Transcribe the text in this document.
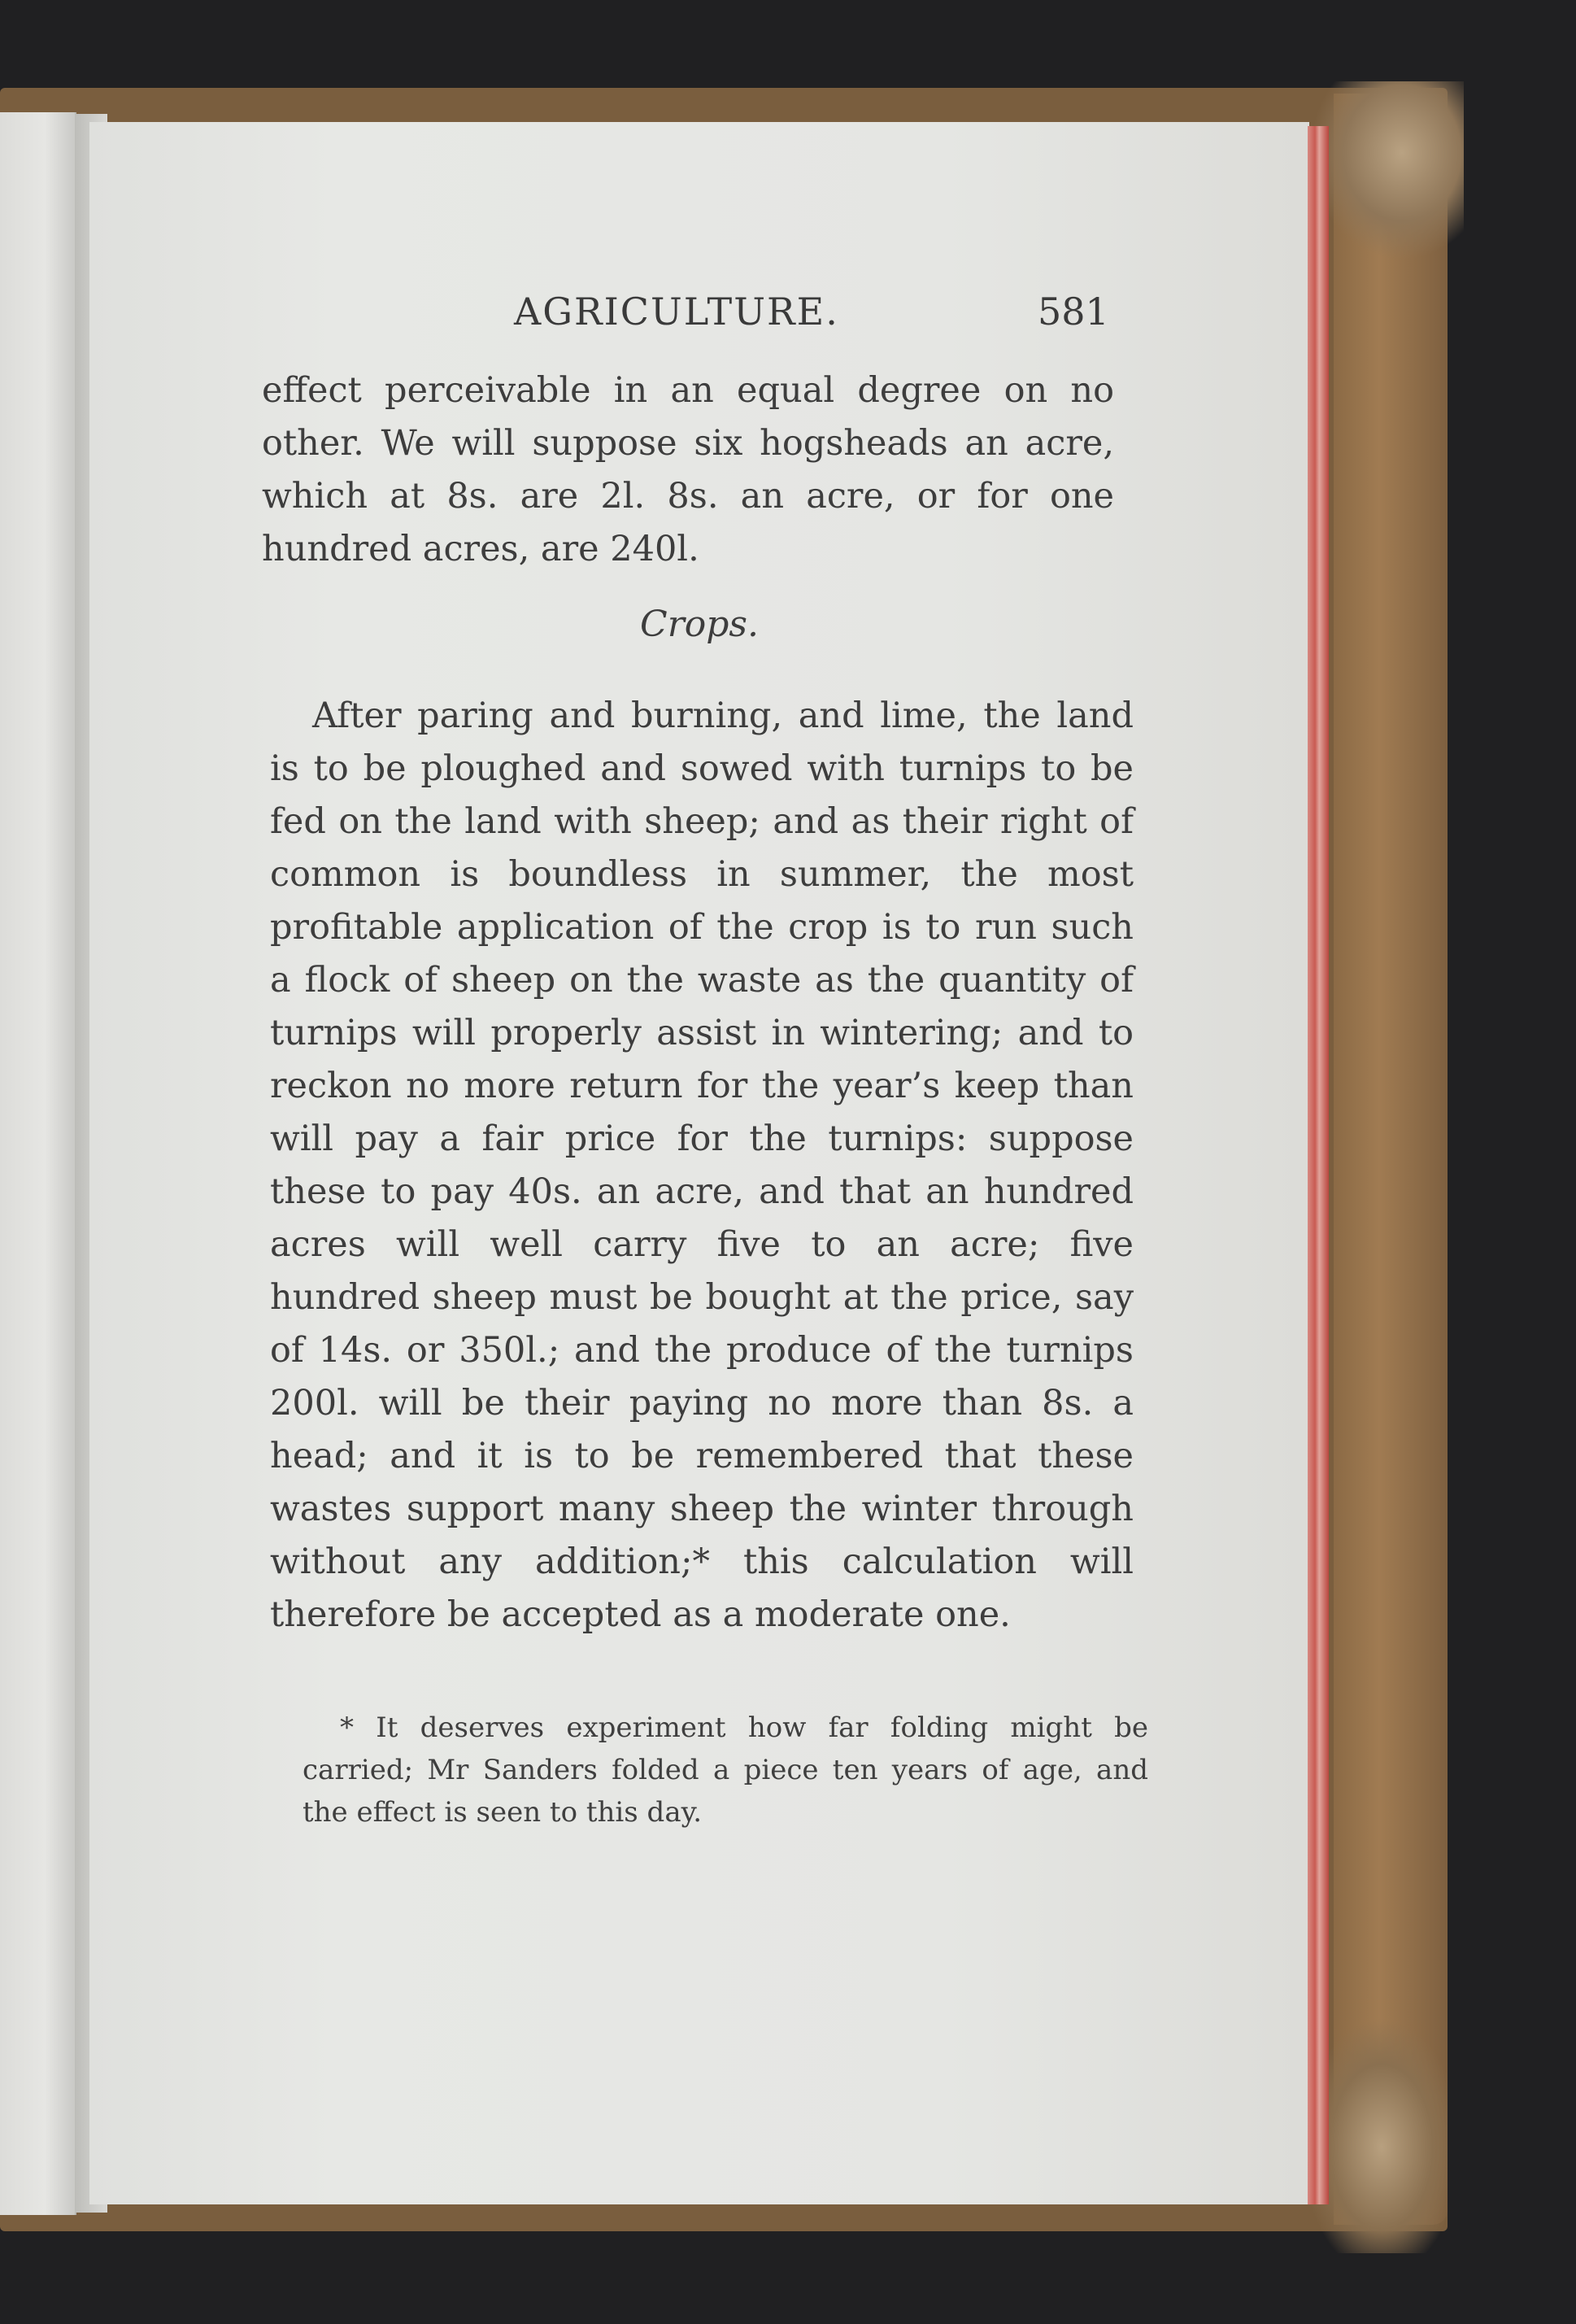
AGRICULTURE.	581

effect perceivable in an equal degree on no other. We will suppose six hogsheads an acre, which at 8s. are 2l. 8s. an acre, or for one hundred acres, are 240l.

Crops.

After paring and burning, and lime, the land is to be ploughed and sowed with turnips to be fed on the land with sheep; and as their right of common is boundless in summer, the most profitable application of the crop is to run such a flock of sheep on the waste as the quantity of turnips will properly assist in wintering; and to reckon no more return for the year’s keep than will pay a fair price for the turnips: suppose these to pay 40s. an acre, and that an hundred acres will well carry five to an acre; five hundred sheep must be bought at the price, say of 14s. or 350l.; and the produce of the turnips 200l. will be their paying no more than 8s. a head; and it is to be remembered that these wastes support many sheep the winter through without any addition;* this calculation will therefore be accepted as a moderate one.

* It deserves experiment how far folding might be carried; Mr Sanders folded a piece ten years of age, and the effect is seen to this day.
